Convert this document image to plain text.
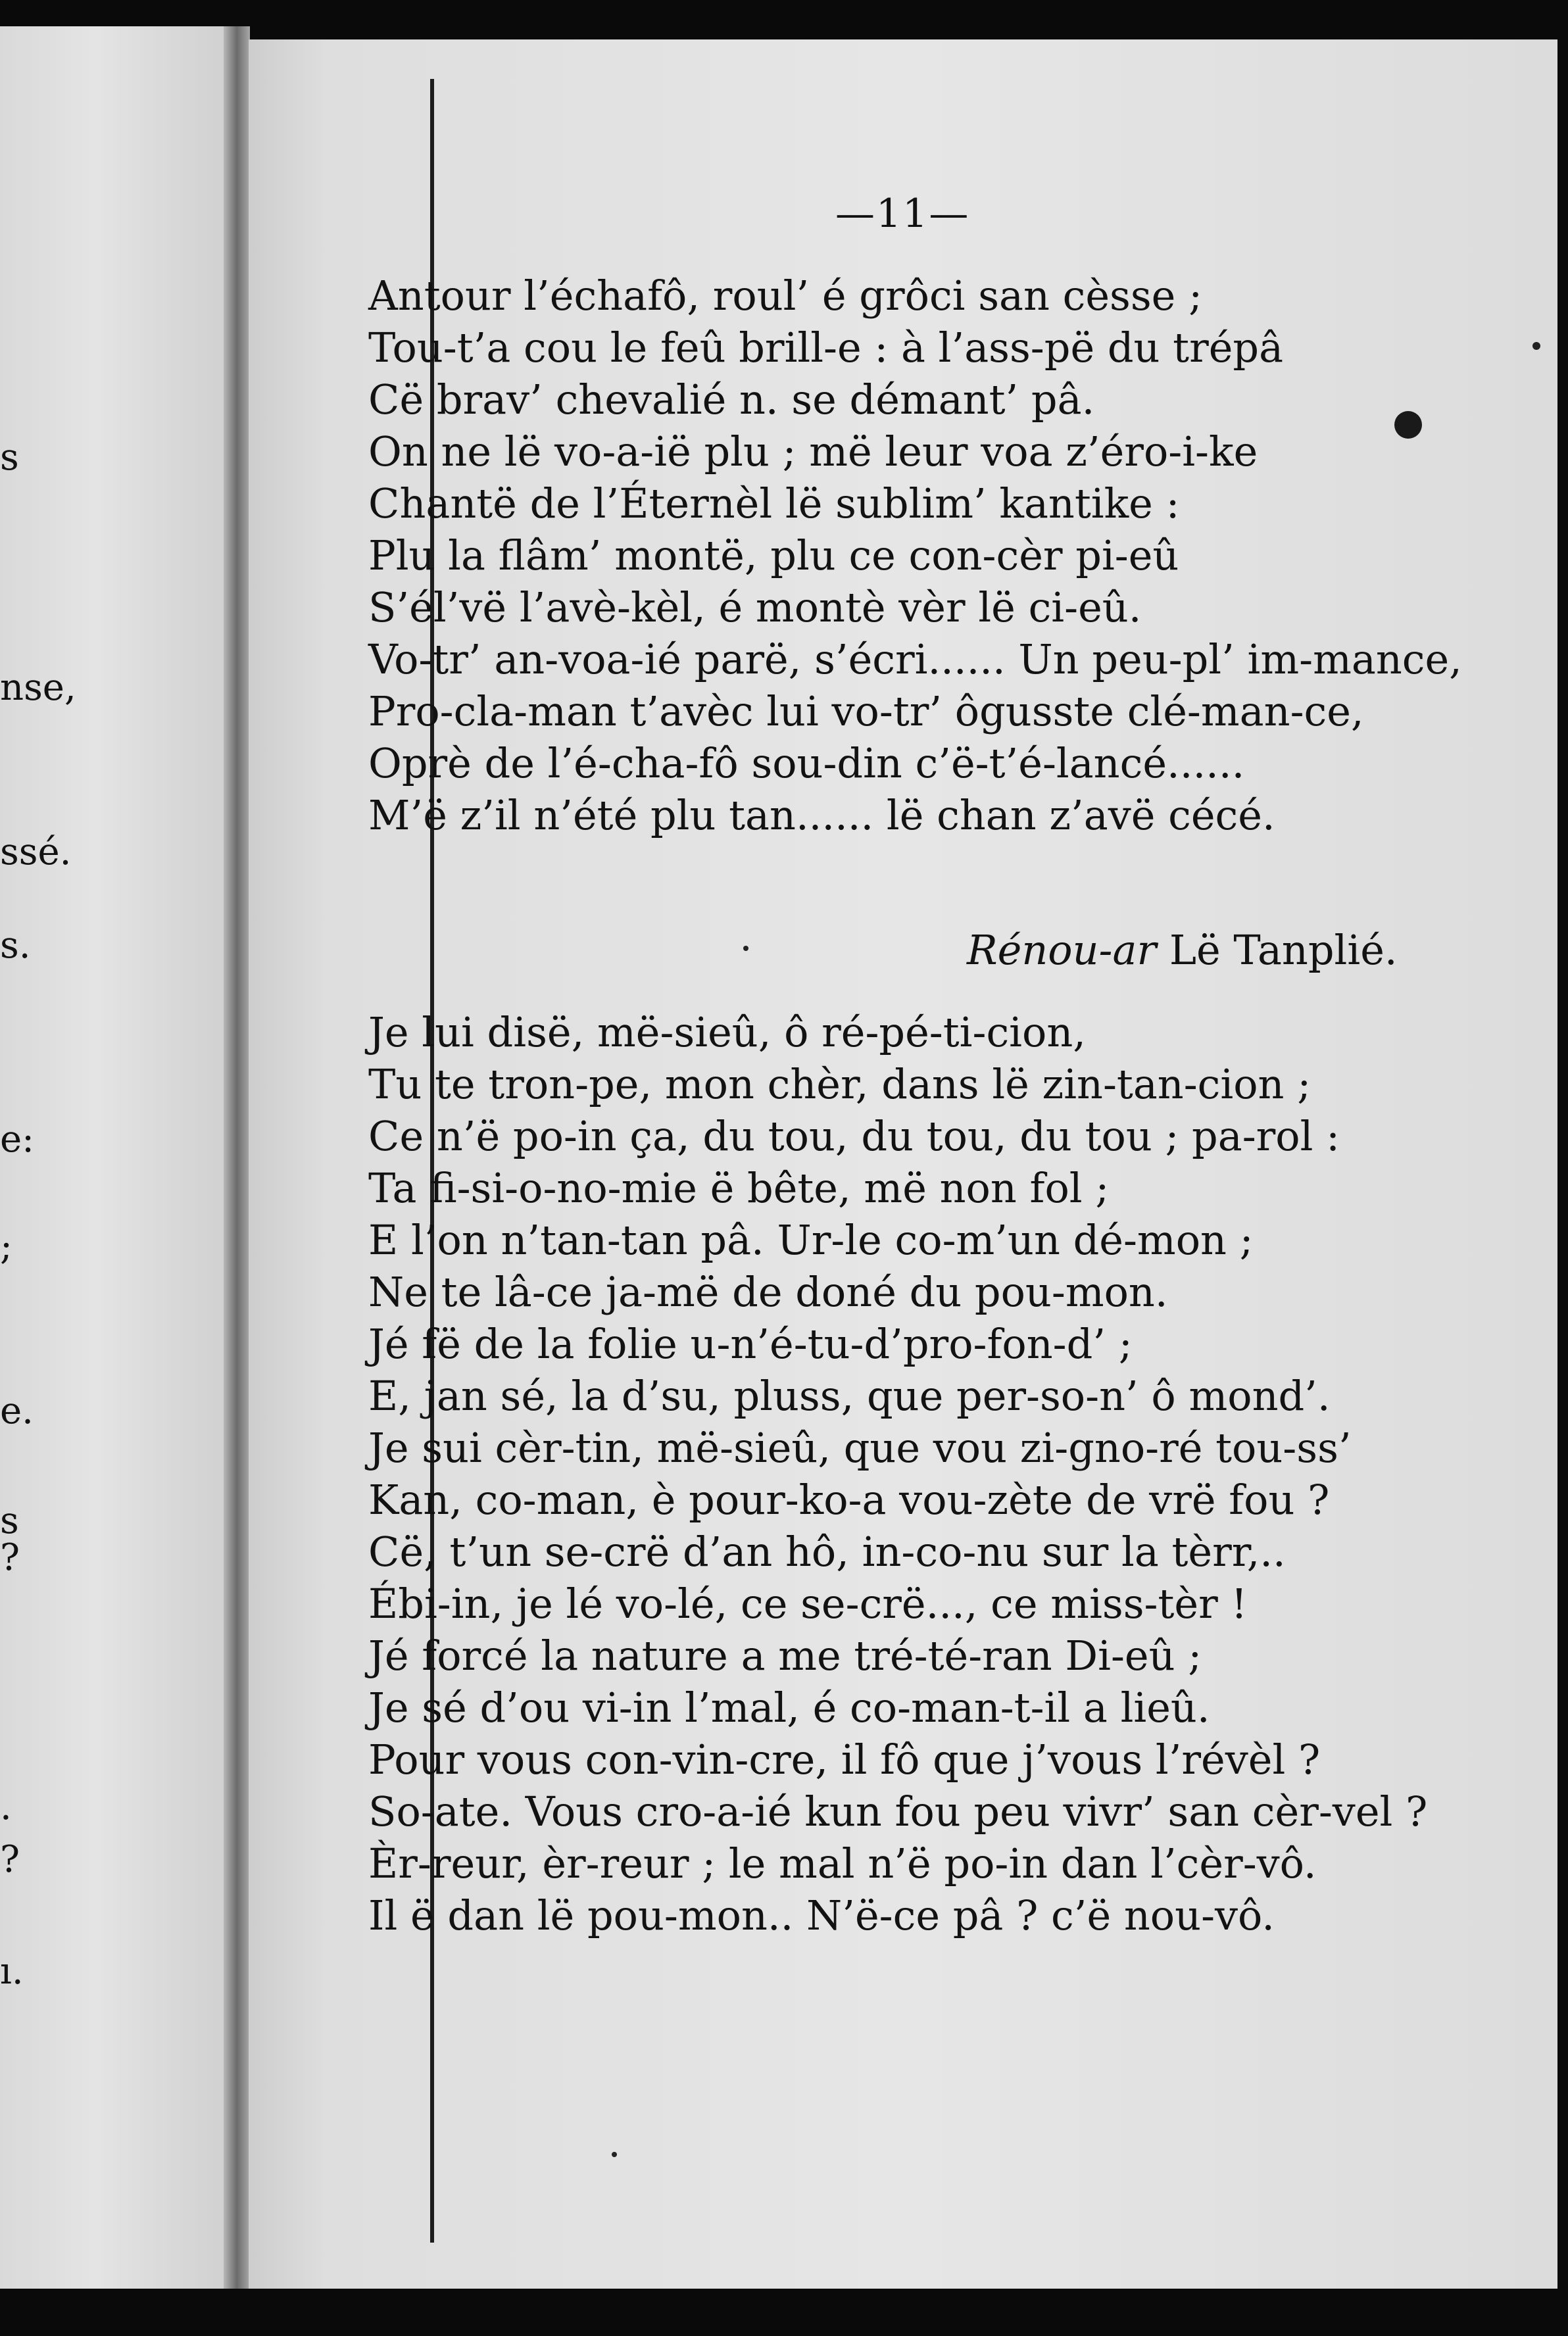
s
nse,
ssé.
s.
e:
;
e.
s ?
.
?
ı.
—11—
Antour l’échafô, roul’ é grôci san cèsse ;
Tou-t’a cou le feû brill-e : à l’ass-pë du trépâ
Cë brav’ chevalié n. se démant’ pâ.
On ne lë vo-a-ië plu ; më leur voa z’éro-i-ke
Chantë de l’Éternèl lë sublim’ kantike :
Plu la flâm’ montë, plu ce con-cèr pi-eû
S’él’vë l’avè-kèl, é montè vèr lë ci-eû.
Vo-tr’ an-voa-ié parë, s’écri...... Un peu-pl’ im-mance,
Pro-cla-man t’avèc lui vo-tr’ ôgusste clé-man-ce,
Oprè de l’é-cha-fô sou-din c’ë-t’é-lancé......
M’ë z’il n’été plu tan...... lë chan z’avë cécé.
Rénou-ar Lë Tanplié.
Je lui disë, më-sieû, ô ré-pé-ti-cion,
Tu te tron-pe, mon chèr, dans lë zin-tan-cion ;
Ce n’ë po-in ça, du tou, du tou, du tou ; pa-rol :
Ta fi-si-o-no-mie ë bête, më non fol ;
E l’on n’tan-tan pâ. Ur-le co-m’un dé-mon ;
Ne te lâ-ce ja-më de doné du pou-mon.
Jé fë de la folie u-n’é-tu-d’pro-fon-d’ ;
E, jan sé, la d’su, pluss, que per-so-n’ ô mond’.
Je sui cèr-tin, më-sieû, que vou zi-gno-ré tou-ss’
Kan, co-man, è pour-ko-a vou-zète de vrë fou ?
Cë, t’un se-crë d’an hô, in-co-nu sur la tèrr,..
Ébi-in, je lé vo-lé, ce se-crë..., ce miss-tèr !
Jé forcé la nature a me tré-té-ran Di-eû ;
Je sé d’ou vi-in l’mal, é co-man-t-il a lieû.
Pour vous con-vin-cre, il fô que j’vous l’révèl ?
So-ate. Vous cro-a-ié kun fou peu vivr’ san cèr-vel ?
Èr-reur, èr-reur ; le mal n’ë po-in dan l’cèr-vô.
Il ë dan lë pou-mon.. N’ë-ce pâ ? c’ë nou-vô.
